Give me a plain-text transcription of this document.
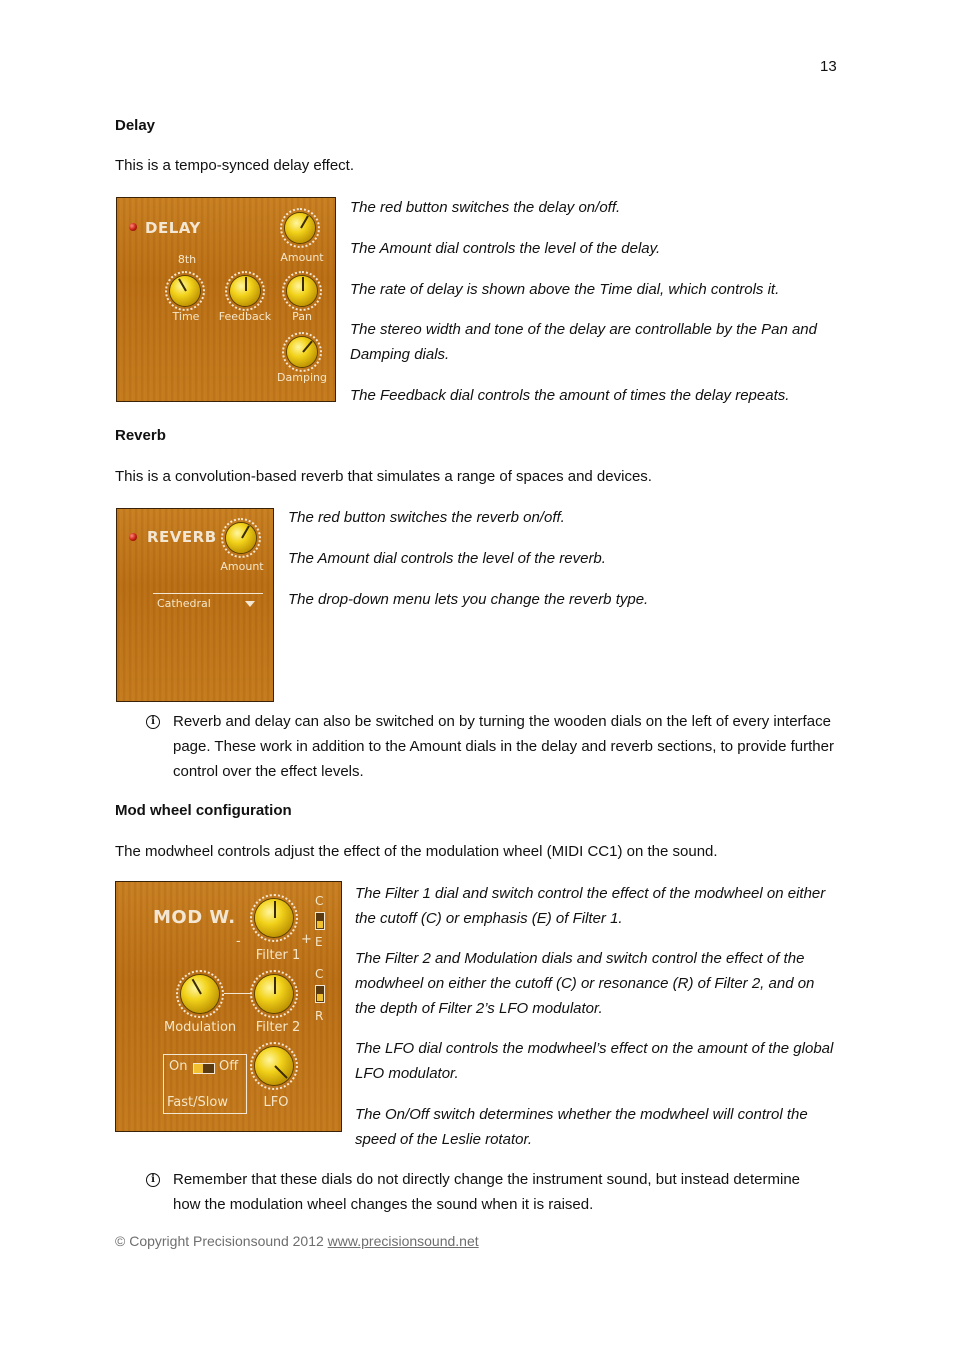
13
Delay
This is a tempo-synced delay effect.
DELAY
Amount
8th
Time	Feedback	Pan
Damping
The red button switches the delay on/off.
The Amount dial controls the level of the delay.
The rate of delay is shown above the Time dial, which controls it.
The stereo width and tone of the delay are controllable by the Pan and Damping dials.
The Feedback dial controls the amount of times the delay repeats.
Reverb
This is a convolution-based reverb that simulates a range of spaces and devices.
REVERB
Amount
Cathedral
The red button switches the reverb on/off.
The Amount dial controls the level of the reverb.
The drop-down menu lets you change the reverb type.
i	Reverb and delay can also be switched on by turning the wooden dials on the left of every interface page. These work in addition to the Amount dials in the delay and reverb sections, to provide further control over the effect levels.
Mod wheel configuration
The modwheel controls adjust the effect of the modulation wheel (MIDI CC1) on the sound.
MOD W.
-	+
Filter 1
C
E
Modulation	Filter 2
C
R
On Off
Fast/Slow	LFO
The Filter 1 dial and switch control the effect of the modwheel on either the cutoff (C) or emphasis (E) of Filter 1.
The Filter 2 and Modulation dials and switch control the effect of the modwheel on either the cutoff (C) or resonance (R) of Filter 2, and on the depth of Filter 2’s LFO modulator.
The LFO dial controls the modwheel’s effect on the amount of the global LFO modulator.
The On/Off switch determines whether the modwheel will control the speed of the Leslie rotator.
i	Remember that these dials do not directly change the instrument sound, but instead determine how the modulation wheel changes the sound when it is raised.
© Copyright Precisionsound 2012 www.precisionsound.net
